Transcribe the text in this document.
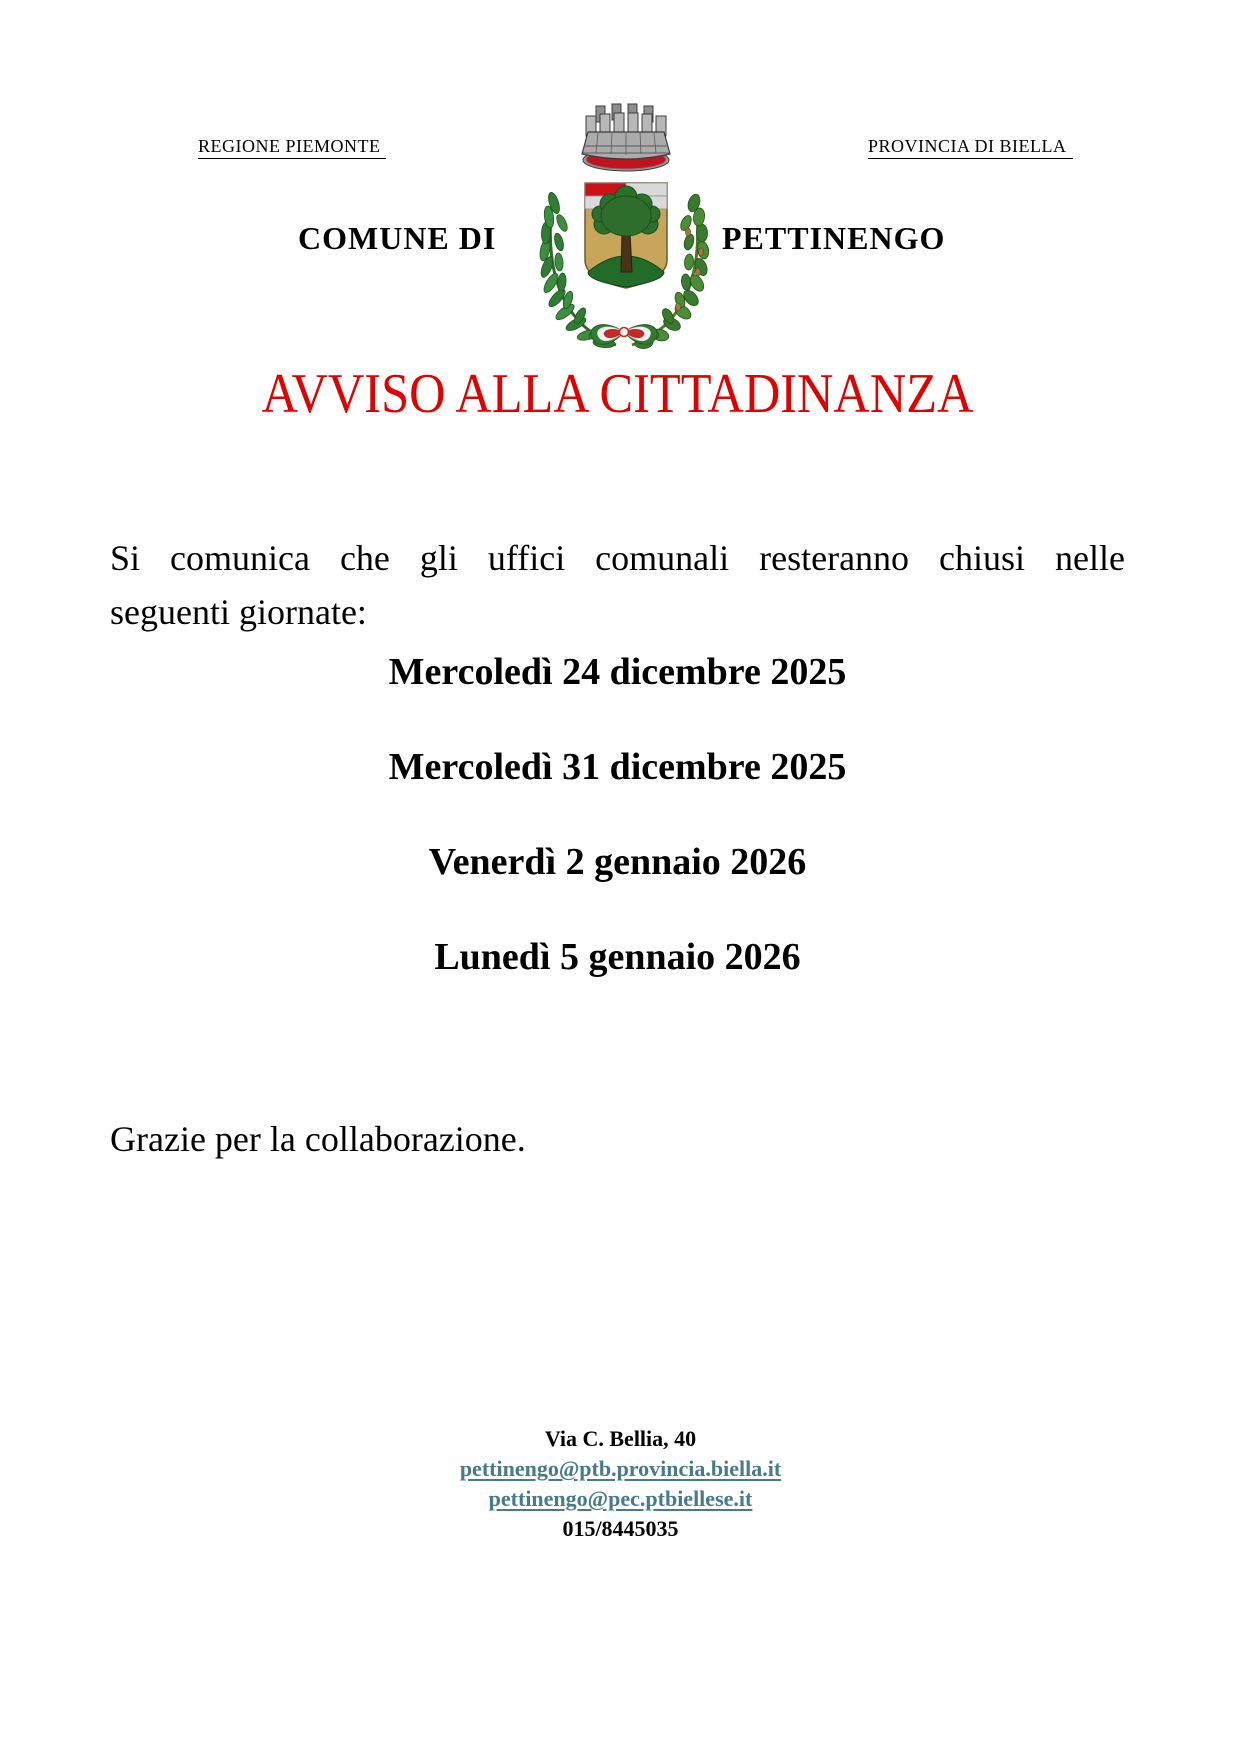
REGIONE PIEMONTE	PROVINCIA DI BIELLA
COMUNE DI	PETTINENGO
AVVISO ALLA CITTADINANZA
Si comunica che gli uffici comunali resteranno chiusi nelle
seguenti giornate:
Mercoledì 24 dicembre 2025
Mercoledì 31 dicembre 2025
Venerdì 2 gennaio 2026
Lunedì 5 gennaio 2026
Grazie per la collaborazione.
Via C. Bellia, 40
pettinengo@ptb.provincia.biella.it
pettinengo@pec.ptbiellese.it
015/8445035
